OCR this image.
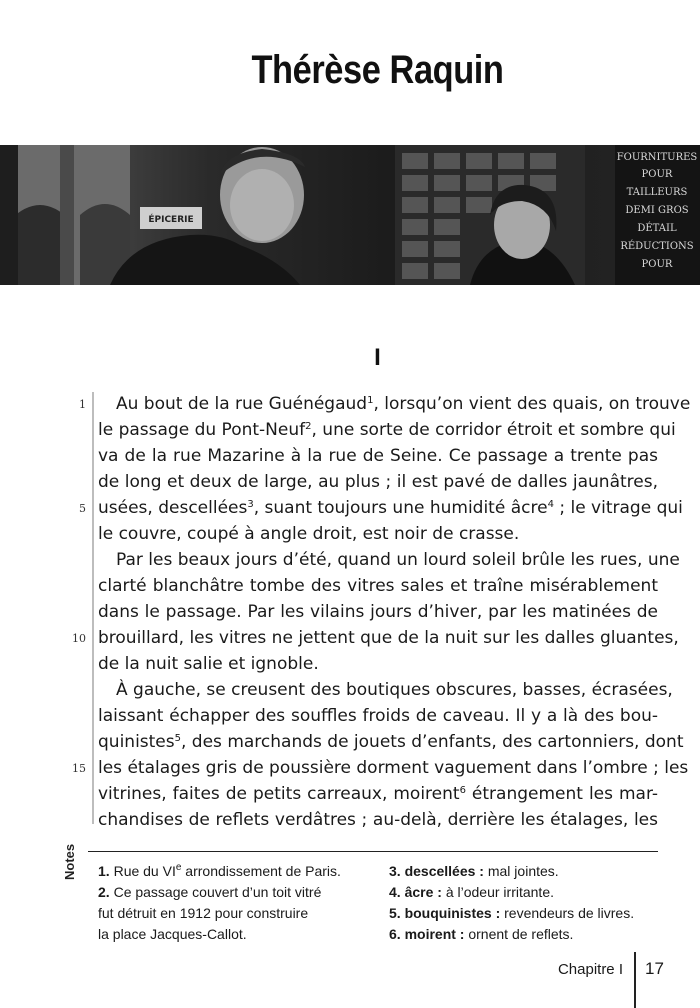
Thérèse Raquin
ÉPICERIE
FOURNITURES
POUR
TAILLEURS
DEMI GROS
DÉTAIL
RÉDUCTIONS
POUR
I
1
5
10
15
Au bout de la rue Guénégaud$^1$, lorsqu’on vient des quais, on trouve
le passage du Pont-Neuf$^2$, une sorte de corridor étroit et sombre qui
va de la rue Mazarine à la rue de Seine. Ce passage a trente pas
de long et deux de large, au plus ; il est pavé de dalles jaunâtres,
usées, descellées$^3$, suant toujours une humidité âcre$^4$ ; le vitrage qui
le couvre, coupé à angle droit, est noir de crasse.
Par les beaux jours d’été, quand un lourd soleil brûle les rues, une
clarté blanchâtre tombe des vitres sales et traîne misérablement
dans le passage. Par les vilains jours d’hiver, par les matinées de
brouillard, les vitres ne jettent que de la nuit sur les dalles gluantes,
de la nuit salie et ignoble.
À gauche, se creusent des boutiques obscures, basses, écrasées,
laissant échapper des souffles froids de caveau. Il y a là des bou-
quinistes$^5$, des marchands de jouets d’enfants, des cartonniers, dont
les étalages gris de poussière dorment vaguement dans l’ombre ; les
vitrines, faites de petits carreaux, moirent$^6$ étrangement les mar-
chandises de reflets verdâtres ; au-delà, derrière les étalages, les
Notes 1. Rue du VIe arrondissement de Paris.
2. Ce passage couvert d’un toit vitré
fut détruit en 1912 pour construire
la place Jacques-Callot.
3. descellées : mal jointes.
4. âcre : à l’odeur irritante.
5. bouquinistes : revendeurs de livres.
6. moirent : ornent de reflets.
Chapitre I 17
